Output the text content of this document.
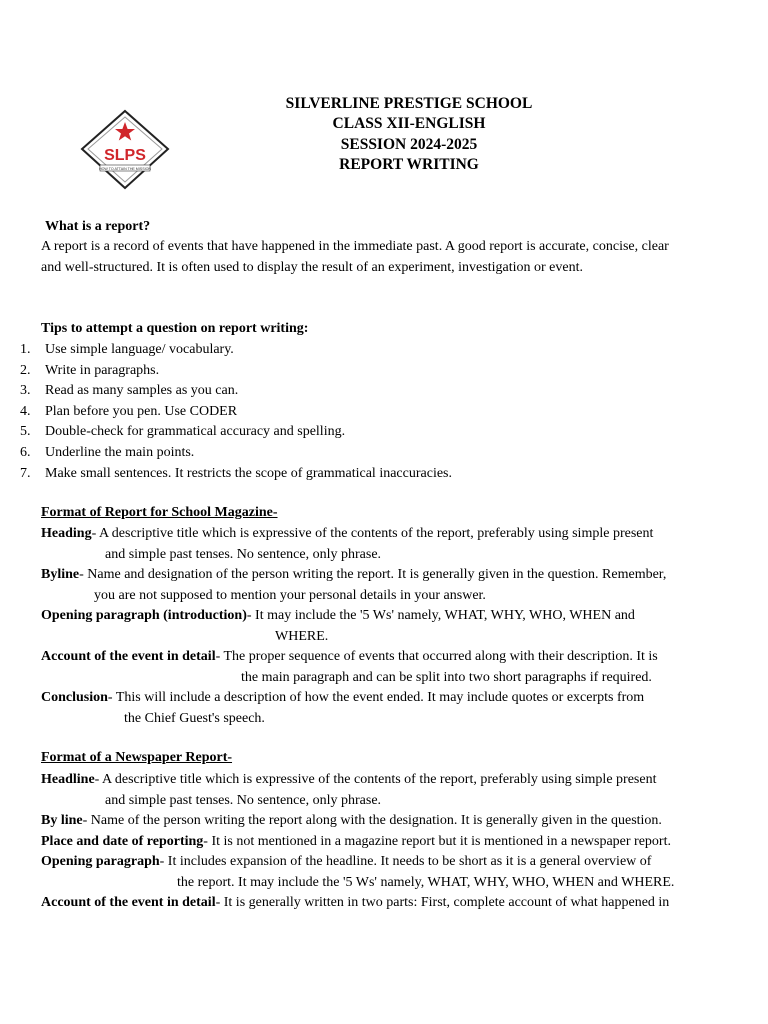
SLPS
HOW TO ATTAIN THE MISSION
SILVERLINE PRESTIGE SCHOOL
CLASS XII-ENGLISH
SESSION 2024-2025
REPORT WRITING
What is a report?
A report is a record of events that have happened in the immediate past. A good report is accurate, concise, clear
and well-structured. It is often used to display the result of an experiment, investigation or event.
Tips to attempt a question on report writing:
1. Use simple language/ vocabulary.
2. Write in paragraphs.
3. Read as many samples as you can.
4. Plan before you pen. Use CODER
5. Double-check for grammatical accuracy and spelling.
6. Underline the main points.
7. Make small sentences. It restricts the scope of grammatical inaccuracies.
Format of Report for School Magazine-
Heading- A descriptive title which is expressive of the contents of the report, preferably using simple present
and simple past tenses. No sentence, only phrase.
Byline- Name and designation of the person writing the report. It is generally given in the question. Remember,
you are not supposed to mention your personal details in your answer.
Opening paragraph (introduction)- It may include the '5 Ws' namely, WHAT, WHY, WHO, WHEN and
WHERE.
Account of the event in detail- The proper sequence of events that occurred along with their description. It is
the main paragraph and can be split into two short paragraphs if required.
Conclusion- This will include a description of how the event ended. It may include quotes or excerpts from
the Chief Guest's speech.
Format of a Newspaper Report-
Headline- A descriptive title which is expressive of the contents of the report, preferably using simple present
and simple past tenses. No sentence, only phrase.
By line- Name of the person writing the report along with the designation. It is generally given in the question.
Place and date of reporting- It is not mentioned in a magazine report but it is mentioned in a newspaper report.
Opening paragraph- It includes expansion of the headline. It needs to be short as it is a general overview of
the report. It may include the '5 Ws' namely, WHAT, WHY, WHO, WHEN and WHERE.
Account of the event in detail- It is generally written in two parts: First, complete account of what happened in
